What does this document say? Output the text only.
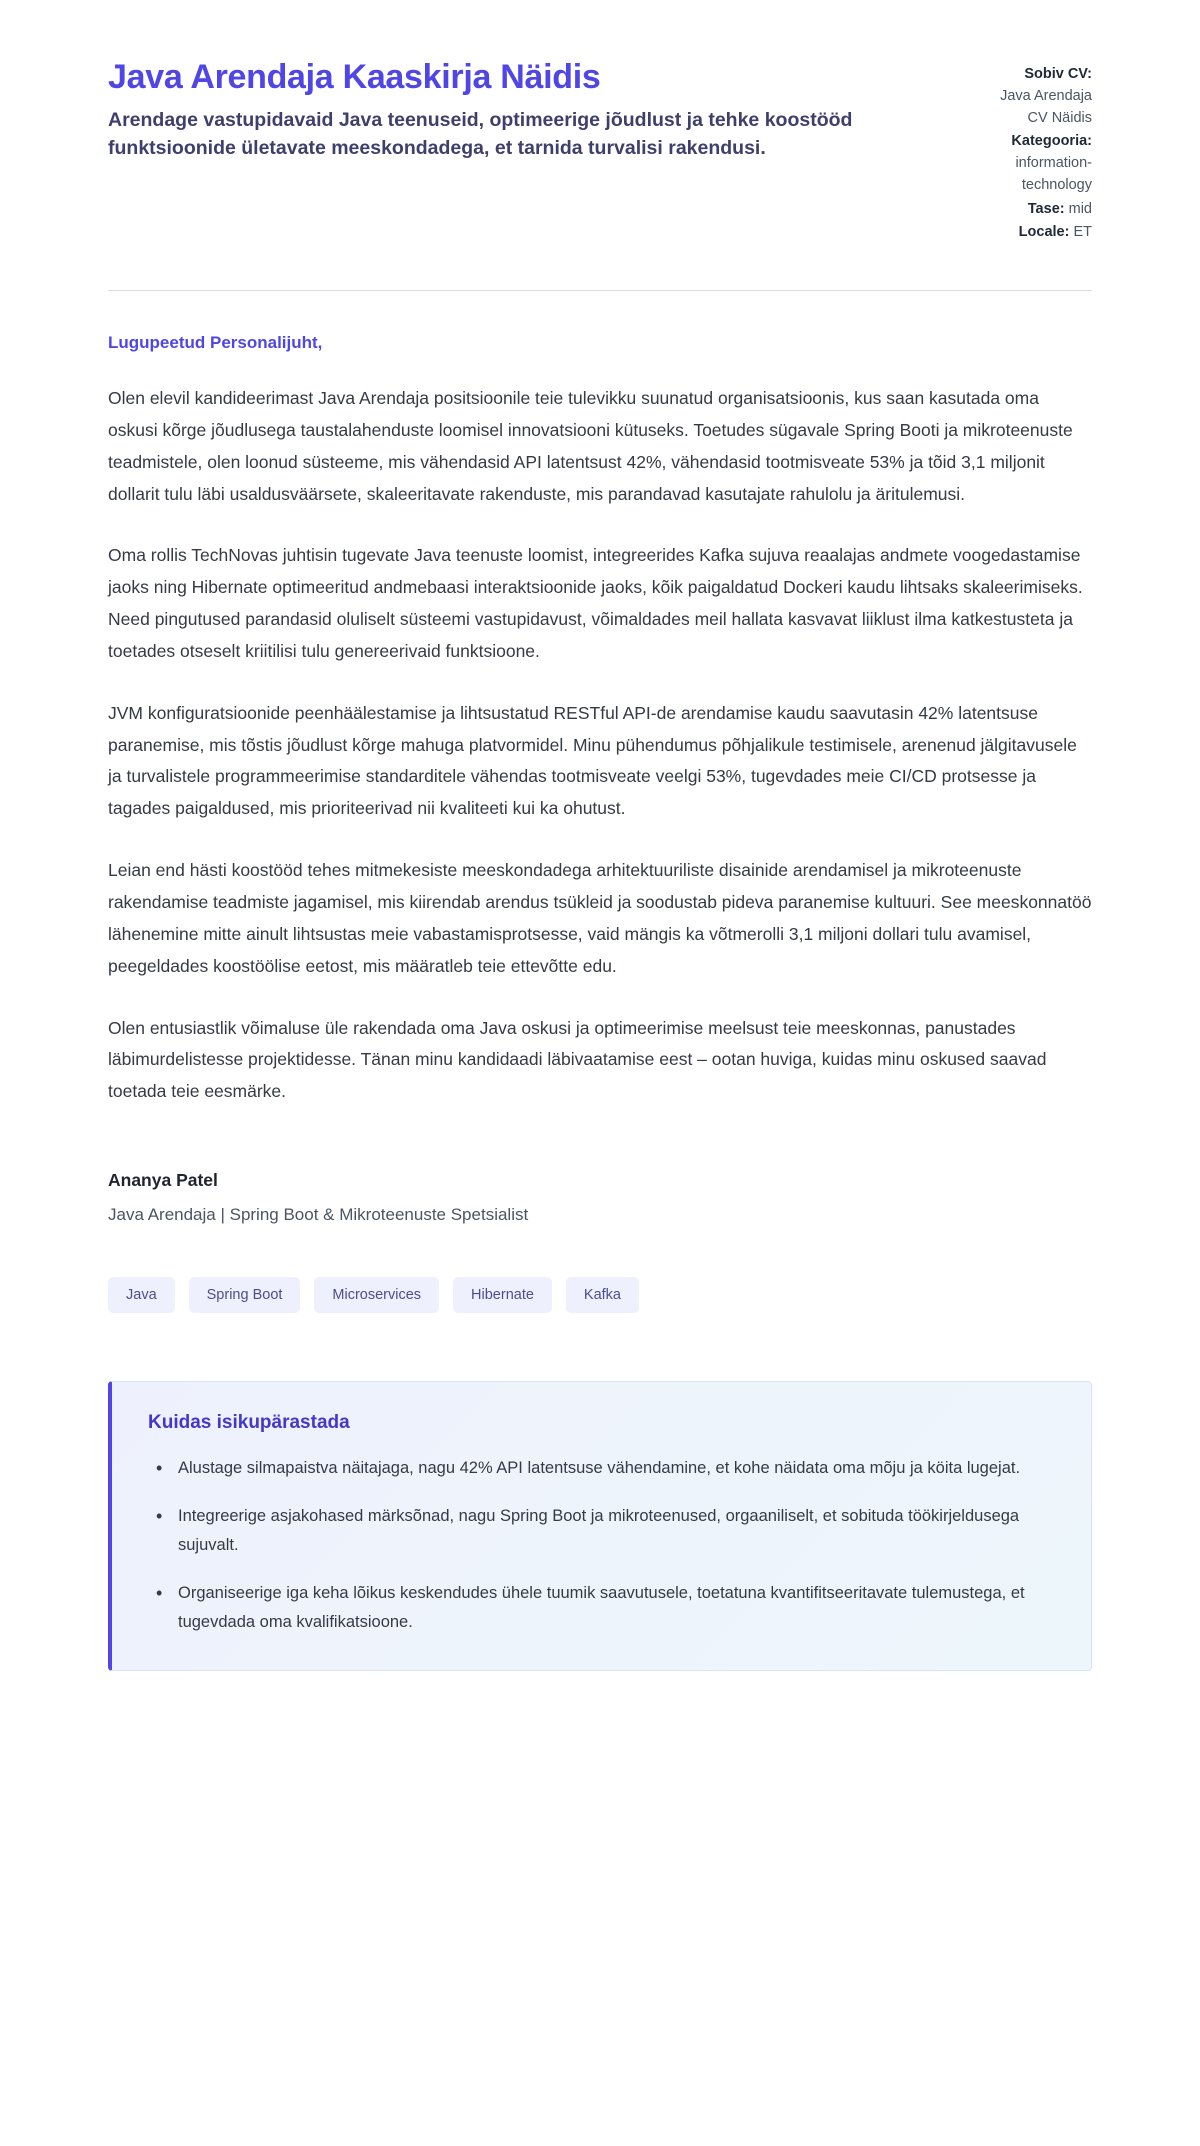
Java Arendaja Kaaskirja Näidis

Arendage vastupidavaid Java teenuseid, optimeerige jõudlust ja tehke koostööd funktsioonide ületavate meeskondadega, et tarnida turvalisi rakendusi.

Sobiv CV:
Java Arendaja
CV Näidis
Kategooria:
information-
technology
Tase: mid
Locale: ET

Lugupeetud Personalijuht,

Olen elevil kandideerimast Java Arendaja positsioonile teie tulevikku suunatud organisatsioonis, kus saan kasutada oma oskusi kõrge jõudlusega taustalahenduste loomisel innovatsiooni kütuseks. Toetudes sügavale Spring Booti ja mikroteenuste teadmistele, olen loonud süsteeme, mis vähendasid API latentsust 42%, vähendasid tootmisveate 53% ja tõid 3,1 miljonit dollarit tulu läbi usaldusväärsete, skaleeritavate rakenduste, mis parandavad kasutajate rahulolu ja äritulemusi.

Oma rollis TechNovas juhtisin tugevate Java teenuste loomist, integreerides Kafka sujuva reaalajas andmete voogedastamise jaoks ning Hibernate optimeeritud andmebaasi interaktsioonide jaoks, kõik paigaldatud Dockeri kaudu lihtsaks skaleerimiseks. Need pingutused parandasid oluliselt süsteemi vastupidavust, võimaldades meil hallata kasvavat liiklust ilma katkestusteta ja toetades otseselt kriitilisi tulu genereerivaid funktsioone.

JVM konfiguratsioonide peenhäälestamise ja lihtsustatud RESTful API-de arendamise kaudu saavutasin 42% latentsuse paranemise, mis tõstis jõudlust kõrge mahuga platvormidel. Minu pühendumus põhjalikule testimisele, arenenud jälgitavusele ja turvalistele programmeerimise standarditele vähendas tootmisveate veelgi 53%, tugevdades meie CI/CD protsesse ja tagades paigaldused, mis prioriteerivad nii kvaliteeti kui ka ohutust.

Leian end hästi koostööd tehes mitmekesiste meeskondadega arhitektuuriliste disainide arendamisel ja mikroteenuste rakendamise teadmiste jagamisel, mis kiirendab arendus tsükleid ja soodustab pideva paranemise kultuuri. See meeskonnatöö lähenemine mitte ainult lihtsustas meie vabastamisprotsesse, vaid mängis ka võtmerolli 3,1 miljoni dollari tulu avamisel, peegeldades koostöölise eetost, mis määratleb teie ettevõtte edu.

Olen entusiastlik võimaluse üle rakendada oma Java oskusi ja optimeerimise meelsust teie meeskonnas, panustades läbimurdelistesse projektidesse. Tänan minu kandidaadi läbivaatamise eest – ootan huviga, kuidas minu oskused saavad toetada teie eesmärke.

Ananya Patel

Java Arendaja | Spring Boot & Mikroteenuste Spetsialist

Java	Spring Boot	Microservices	Hibernate	Kafka
Kuidas isikupärastada
• Alustage silmapaistva näitajaga, nagu 42% API latentsuse vähendamine, et kohe näidata oma mõju ja köita lugejat.
• Integreerige asjakohased märksõnad, nagu Spring Boot ja mikroteenused, orgaaniliselt, et sobituda töökirjeldusega sujuvalt.
• Organiseerige iga keha lõikus keskendudes ühele tuumik saavutusele, toetatuna kvantifitseeritavate tulemustega, et tugevdada oma kvalifikatsioone.
